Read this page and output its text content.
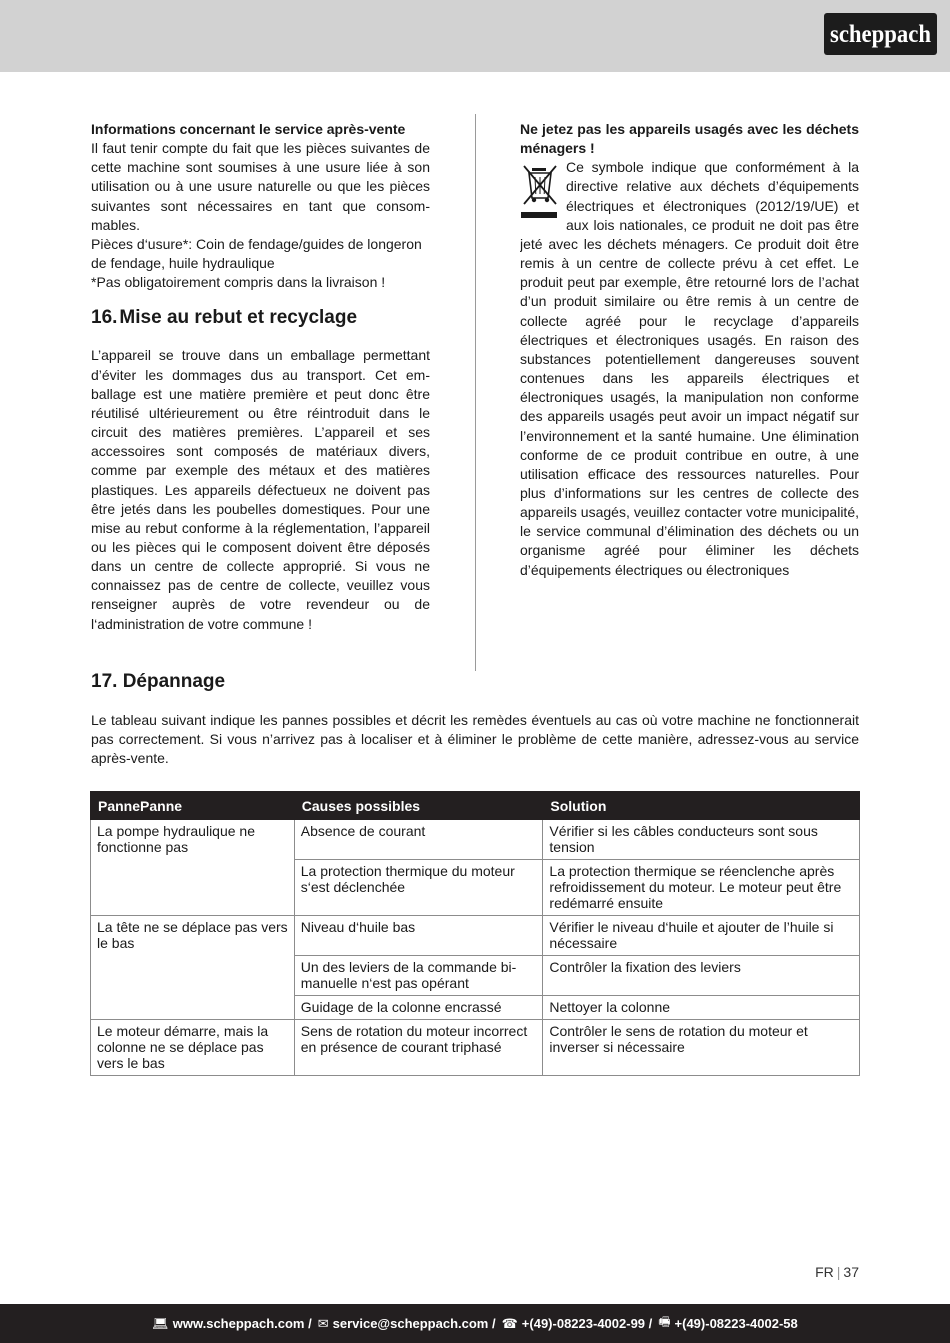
scheppach

Informations concernant le service après-vente

Il faut tenir compte du fait que les pièces suivantes de cette machine sont soumises à une usure liée à son utilisation ou à une usure naturelle ou que les pièces suivantes sont nécessaires en tant que consommables.

Pièces d‘usure*: Coin de fendage/guides de longeron de fendage, huile hydraulique

*Pas obligatoirement compris dans la livraison !

16. Mise au rebut et recyclage

L’appareil se trouve dans un emballage permettant d’éviter les dommages dus au transport. Cet emballage est une matière première et peut donc être réutilisé ultérieurement ou être réintroduit dans le circuit des matières premières. L’appareil et ses accessoires sont composés de matériaux divers, comme par exemple des métaux et des matières plastiques. Les appareils défectueux ne doivent pas être jetés dans les poubelles domestiques. Pour une mise au rebut conforme à la réglementation, l’appareil ou les pièces qui le composent doivent être déposés dans un centre de collecte approprié. Si vous ne connaissez pas de centre de collecte, veuillez vous renseigner auprès de votre revendeur ou de l‘administration de votre commune !

Ne jetez pas les appareils usagés avec les déchets ménagers !

Ce symbole indique que conformément à la directive relative aux déchets d’équipements électriques et électroniques (2012/19/UE) et aux lois nationales, ce produit ne doit pas être jeté avec les déchets ménagers. Ce produit doit être remis à un centre de collecte prévu à cet effet. Le produit peut par exemple, être retourné lors de l’achat d’un produit similaire ou être remis à un centre de collecte agréé pour le recyclage d’appareils électriques et électroniques usagés. En raison des substances potentiellement dangereuses souvent contenues dans les appareils électriques et électroniques usagés, la manipulation non conforme des appareils usagés peut avoir un impact négatif sur l’environnement et la santé humaine. Une élimination conforme de ce produit contribue en outre, à une utilisation efficace des ressources naturelles. Pour plus d’informations sur les centres de collecte des appareils usagés, veuillez contacter votre municipalité, le service communal d’élimination des déchets ou un organisme agréé pour éliminer les déchets d’équipements électriques ou électroniques

17. Dépannage

Le tableau suivant indique les pannes possibles et décrit les remèdes éventuels au cas où votre machine ne fonctionnerait pas correctement. Si vous n’arrivez pas à localiser et à éliminer le problème de cette manière, adressez-vous au service après-vente.

PannePanne	Causes possibles	Solution
La pompe hydraulique ne fonctionne pas	Absence de courant	Vérifier si les câbles conducteurs sont sous tension
	La protection thermique du moteur s‘est déclenchée	La protection thermique se réenclenche après refroidissement du moteur. Le moteur peut être redémarré ensuite
La tête ne se déplace pas vers le bas	Niveau d‘huile bas	Vérifier le niveau d‘huile et ajouter de l’huile si nécessaire
	Un des leviers de la commande bimanuelle n‘est pas opérant	Contrôler la fixation des leviers
	Guidage de la colonne encrassé	Nettoyer la colonne
Le moteur démarre, mais la colonne ne se déplace pas vers le bas	Sens de rotation du moteur incorrect en présence de courant triphasé	Contrôler le sens de rotation du moteur et inverser si nécessaire
FR | 37
💻︎ www.scheppach.com / ✉︎ service@scheppach.com / ☎︎ +(49)-08223-4002-99 / 🖷︎ +(49)-08223-4002-58
